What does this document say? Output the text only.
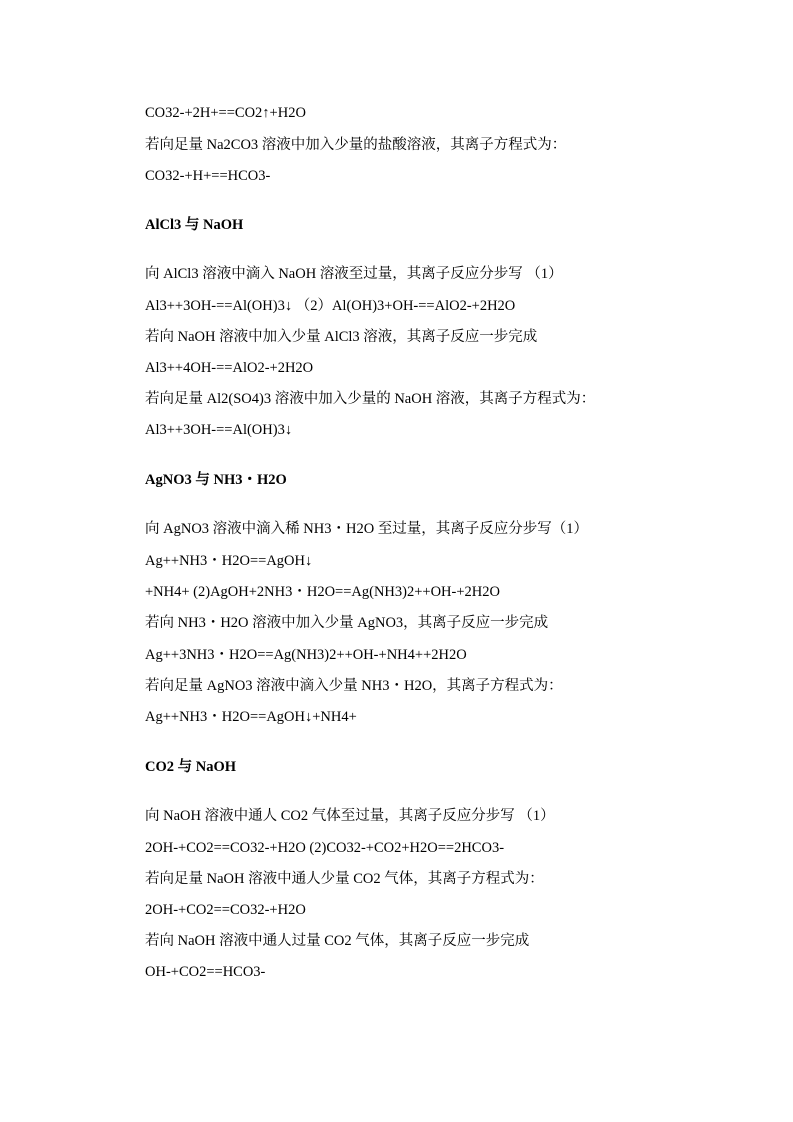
CO32-+2H+==CO2↑+H2O

若向足量 Na2CO3 溶液中加入少量的盐酸溶液，其离子方程式为：

CO32-+H+==HCO3-

AlCl3 与 NaOH

向 AlCl3 溶液中滴入 NaOH 溶液至过量，其离子反应分步写 （1）

Al3++3OH-==Al(OH)3↓ （2）Al(OH)3+OH-==AlO2-+2H2O

若向 NaOH 溶液中加入少量 AlCl3 溶液，其离子反应一步完成

Al3++4OH-==AlO2-+2H2O

若向足量 Al2(SO4)3 溶液中加入少量的 NaOH 溶液，其离子方程式为：

Al3++3OH-==Al(OH)3↓

AgNO3 与 NH3・H2O

向 AgNO3 溶液中滴入稀 NH3・H2O 至过量，其离子反应分步写（1）

Ag++NH3・H2O==AgOH↓

+NH4+ (2)AgOH+2NH3・H2O==Ag(NH3)2++OH-+2H2O

若向 NH3・H2O 溶液中加入少量 AgNO3，其离子反应一步完成

Ag++3NH3・H2O==Ag(NH3)2++OH-+NH4++2H2O

若向足量 AgNO3 溶液中滴入少量 NH3・H2O，其离子方程式为：

Ag++NH3・H2O==AgOH↓+NH4+

CO2 与 NaOH

向 NaOH 溶液中通人 CO2 气体至过量，其离子反应分步写 （1）

2OH-+CO2==CO32-+H2O (2)CO32-+CO2+H2O==2HCO3-

若向足量 NaOH 溶液中通人少量 CO2 气体，其离子方程式为：

2OH-+CO2==CO32-+H2O

若向 NaOH 溶液中通人过量 CO2 气体，其离子反应一步完成

OH-+CO2==HCO3-
